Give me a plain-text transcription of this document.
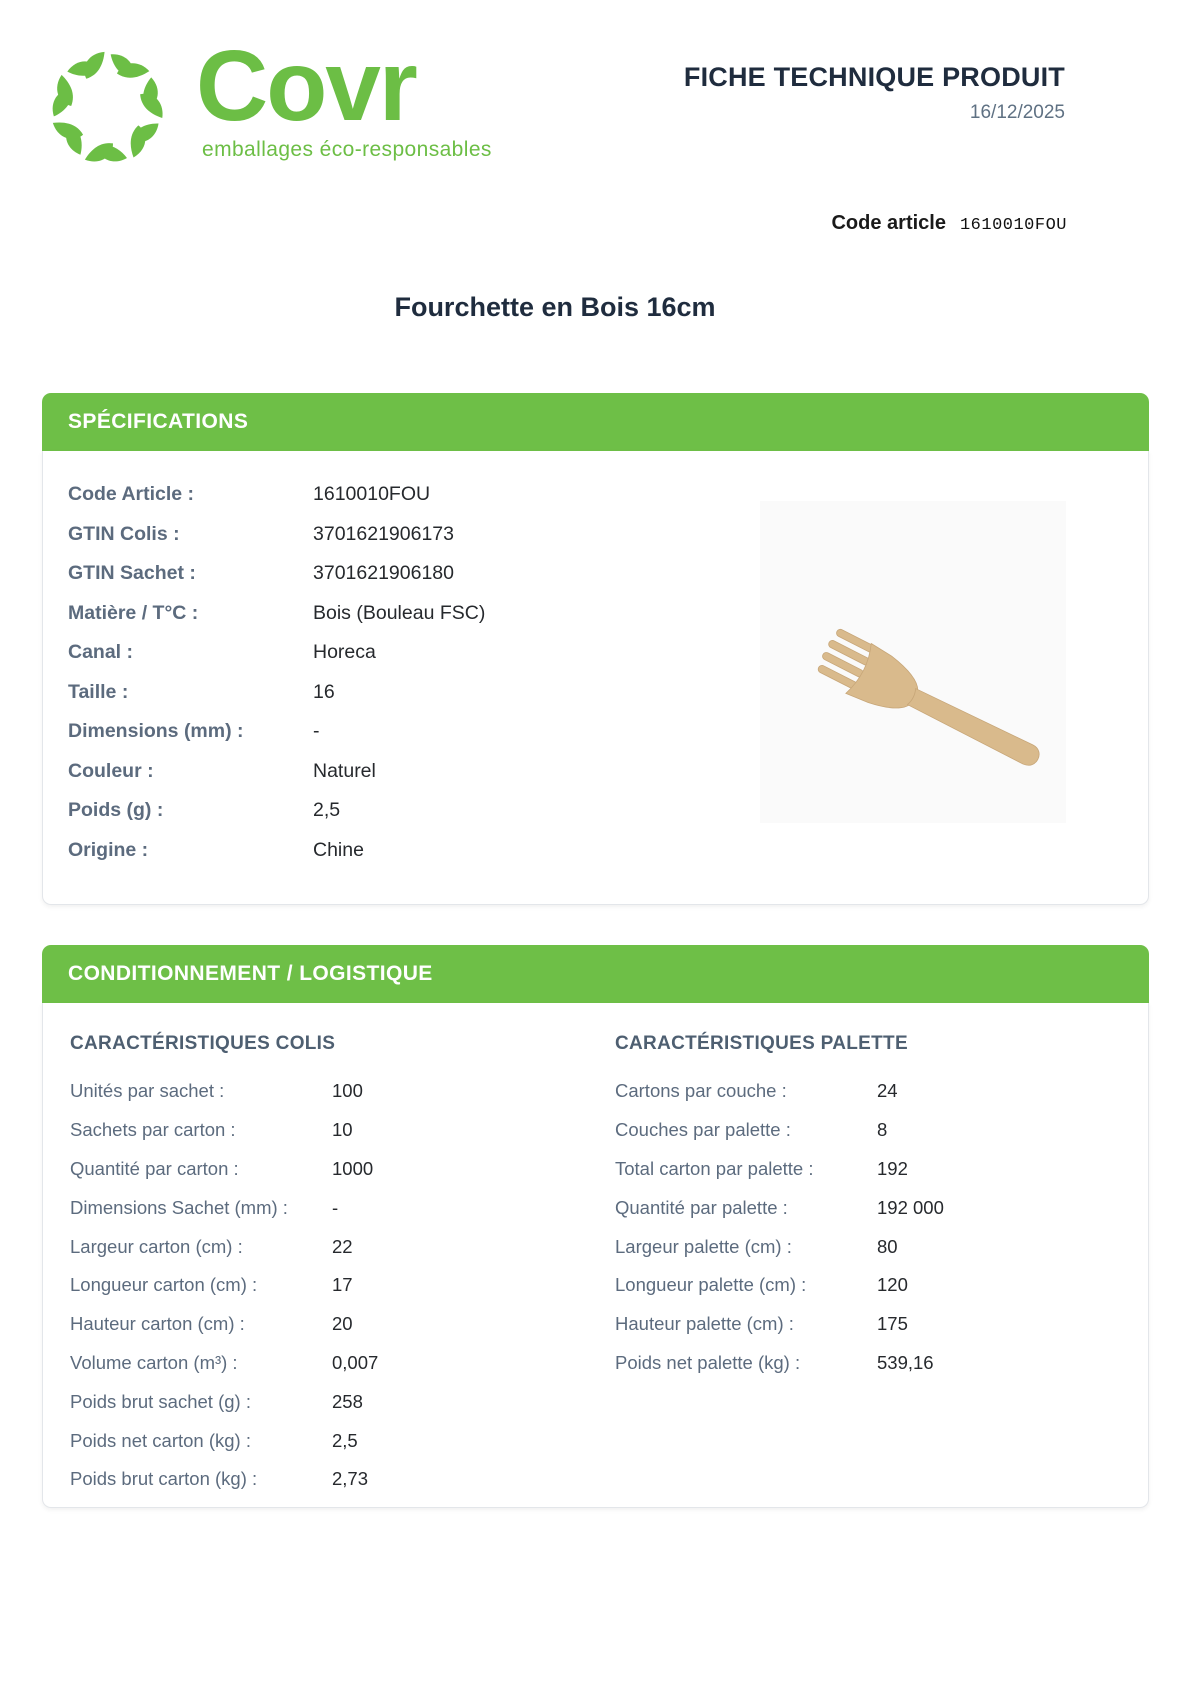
Covr
emballages éco-responsables
FICHE TECHNIQUE PRODUIT
16/12/2025
Code article 1610010FOU
Fourchette en Bois 16cm
SPÉCIFICATIONS
Code Article :	1610010FOU
GTIN Colis :	3701621906173
GTIN Sachet :	3701621906180
Matière / T°C :	Bois (Bouleau FSC)
Canal :	Horeca
Taille :	16
Dimensions (mm) :	-
Couleur :	Naturel
Poids (g) :	2,5
Origine :	Chine
CONDITIONNEMENT / LOGISTIQUE
CARACTÉRISTIQUES COLIS
Unités par sachet :	100
Sachets par carton :	10
Quantité par carton :	1000
Dimensions Sachet (mm) :	-
Largeur carton (cm) :	22
Longueur carton (cm) :	17
Hauteur carton (cm) :	20
Volume carton (m³) :	0,007
Poids brut sachet (g) :	258
Poids net carton (kg) :	2,5
Poids brut carton (kg) :	2,73
CARACTÉRISTIQUES PALETTE
Cartons par couche :	24
Couches par palette :	8
Total carton par palette :	192
Quantité par palette :	192 000
Largeur palette (cm) :	80
Longueur palette (cm) :	120
Hauteur palette (cm) :	175
Poids net palette (kg) :	539,16
